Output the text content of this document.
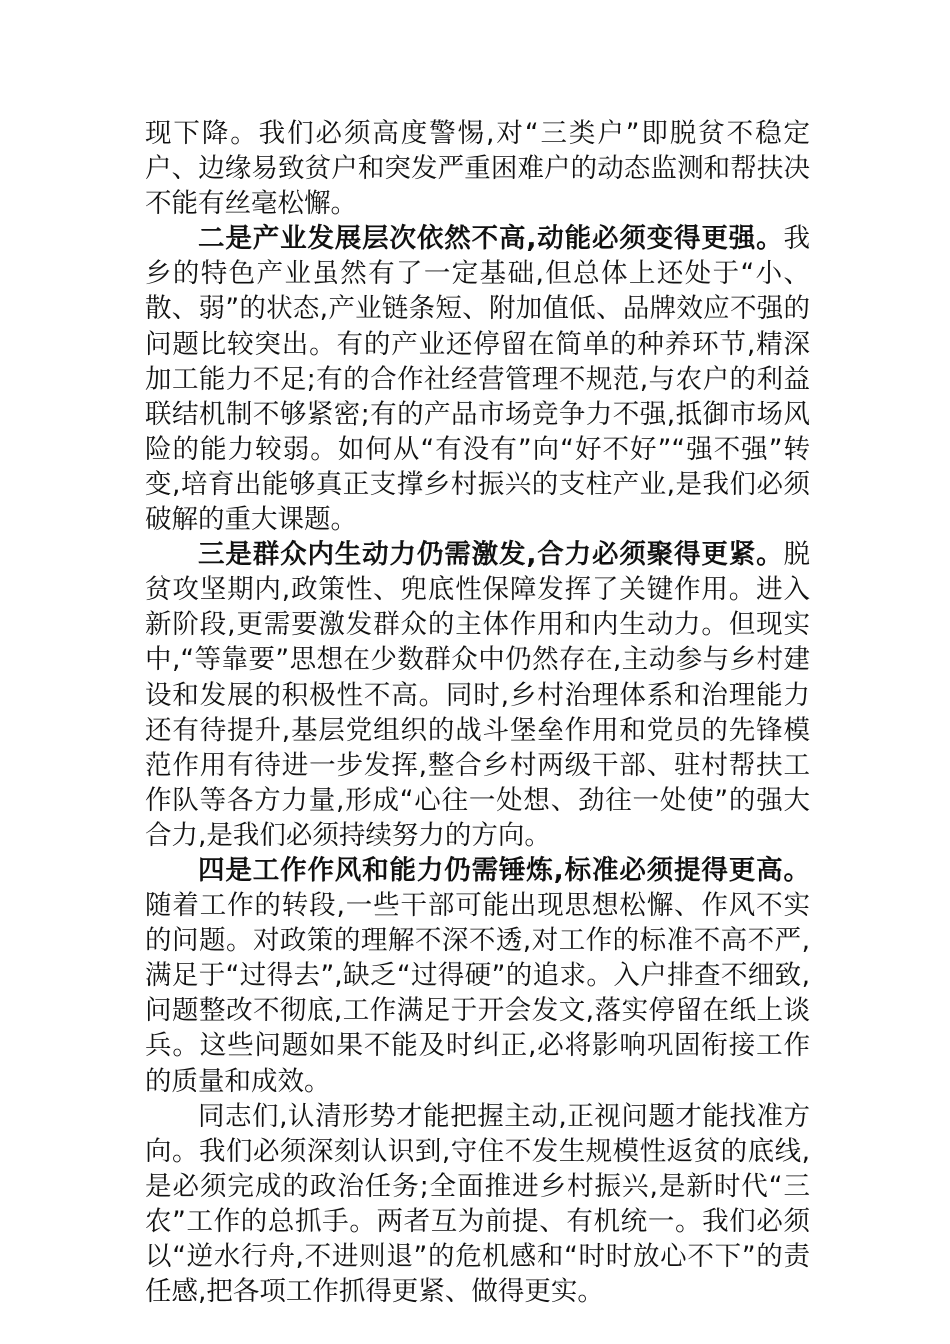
现下降。我们必须高度警惕,对“三类户”即脱贫不稳定户、边缘易致贫户和突发严重困难户的动态监测和帮扶决不能有丝毫松懈。

二是产业发展层次依然不高,动能必须变得更强。我乡的特色产业虽然有了一定基础,但总体上还处于“小、散、弱”的状态,产业链条短、附加值低、品牌效应不强的问题比较突出。有的产业还停留在简单的种养环节,精深加工能力不足;有的合作社经营管理不规范,与农户的利益联结机制不够紧密;有的产品市场竞争力不强,抵御市场风险的能力较弱。如何从“有没有”向“好不好”“强不强”转变,培育出能够真正支撑乡村振兴的支柱产业,是我们必须破解的重大课题。

三是群众内生动力仍需激发,合力必须聚得更紧。脱贫攻坚期内,政策性、兜底性保障发挥了关键作用。进入新阶段,更需要激发群众的主体作用和内生动力。但现实中,“等靠要”思想在少数群众中仍然存在,主动参与乡村建设和发展的积极性不高。同时,乡村治理体系和治理能力还有待提升,基层党组织的战斗堡垒作用和党员的先锋模范作用有待进一步发挥,整合乡村两级干部、驻村帮扶工作队等各方力量,形成“心往一处想、劲往一处使”的强大合力,是我们必须持续努力的方向。

四是工作作风和能力仍需锤炼,标准必须提得更高。随着工作的转段,一些干部可能出现思想松懈、作风不实的问题。对政策的理解不深不透,对工作的标准不高不严,满足于“过得去”,缺乏“过得硬”的追求。入户排查不细致,问题整改不彻底,工作满足于开会发文,落实停留在纸上谈兵。这些问题如果不能及时纠正,必将影响巩固衔接工作的质量和成效。

同志们,认清形势才能把握主动,正视问题才能找准方向。我们必须深刻认识到,守住不发生规模性返贫的底线,是必须完成的政治任务;全面推进乡村振兴,是新时代“三农”工作的总抓手。两者互为前提、有机统一。我们必须以“逆水行舟,不进则退”的危机感和“时时放心不下”的责任感,把各项工作抓得更紧、做得更实。
